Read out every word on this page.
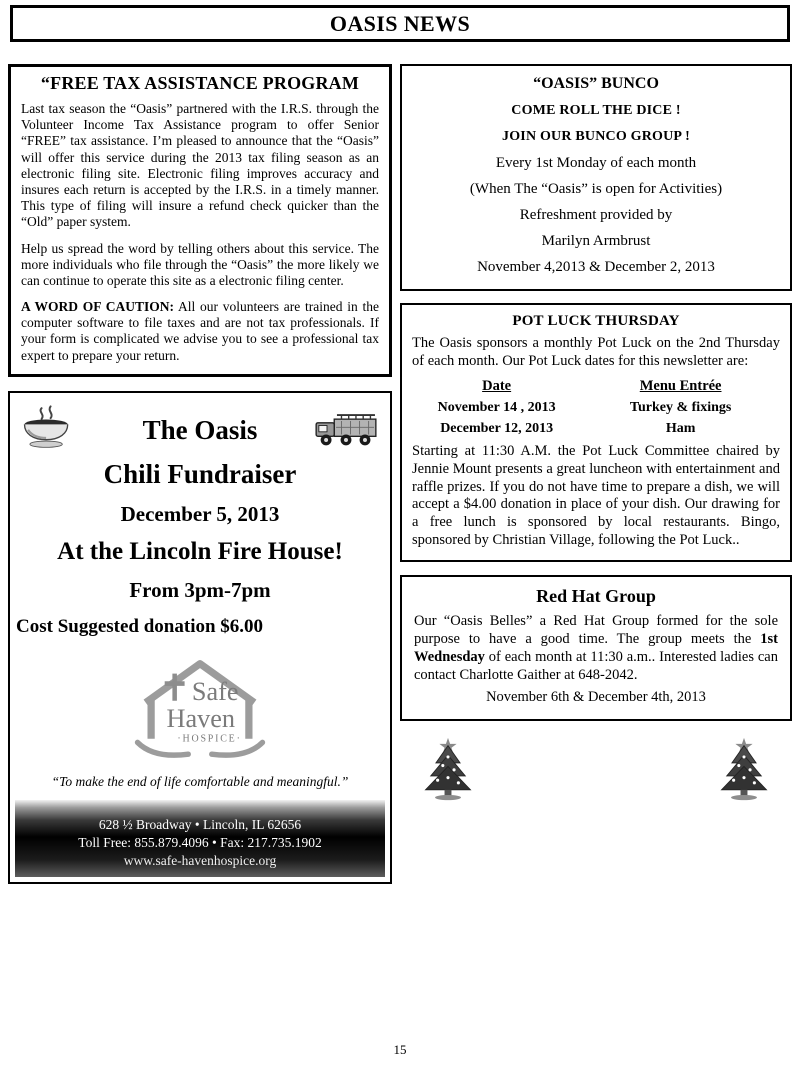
OASIS NEWS
“FREE TAX ASSISTANCE PROGRAM

Last tax season the “Oasis” partnered with the I.R.S. through the Volunteer Income Tax Assistance program to offer Senior “FREE” tax assistance. I’m pleased to announce that the “Oasis” will offer this service during the 2013 tax filing season as an electronic filing site. Electronic filing improves accuracy and insures each return is accepted by the I.R.S. in a timely manner. This type of filing will insure a refund check quicker than the “Old” paper system.

Help us spread the word by telling others about this service. The more individuals who file through the “Oasis” the more likely we can continue to operate this site as a electronic filing center.

A WORD OF CAUTION: All our volunteers are trained in the computer software to file taxes and are not tax professionals. If your form is complicated we advise you to see a professional tax expert to prepare your return.

The Oasis
Chili Fundraiser
December 5, 2013
At the Lincoln Fire House!
From 3pm-7pm
Cost Suggested donation $6.00
Safe
Haven
·HOSPICE·
“To make the end of life comfortable and meaningful.”
628 ½ Broadway • Lincoln, IL 62656
Toll Free: 855.879.4096 • Fax: 217.735.1902
www.safe-havenhospice.org
“OASIS” BUNCO
COME ROLL THE DICE !
JOIN OUR BUNCO GROUP !
Every 1st Monday of each month
(When The “Oasis” is open for Activities)
Refreshment provided by
Marilyn Armbrust
November 4,2013 & December 2, 2013
POT LUCK THURSDAY
The Oasis sponsors a monthly Pot Luck on the 2nd Thursday of each month. Our Pot Luck dates for this newsletter are:
Date	Menu Entrée
November 14 , 2013	Turkey & fixings
December 12, 2013	Ham
Starting at 11:30 A.M. the Pot Luck Committee chaired by Jennie Mount presents a great luncheon with entertainment and raffle prizes. If you do not have time to prepare a dish, we will accept a $4.00 donation in place of your dish. Our drawing for a free lunch is sponsored by local restaurants. Bingo, sponsored by Christian Village, following the Pot Luck..
Red Hat Group
Our “Oasis Belles” a Red Hat Group formed for the sole purpose to have a good time. The group meets the 1st Wednesday of each month at 11:30 a.m.. Interested ladies can contact Charlotte Gaither at 648-2042.
November 6th & December 4th, 2013
15
